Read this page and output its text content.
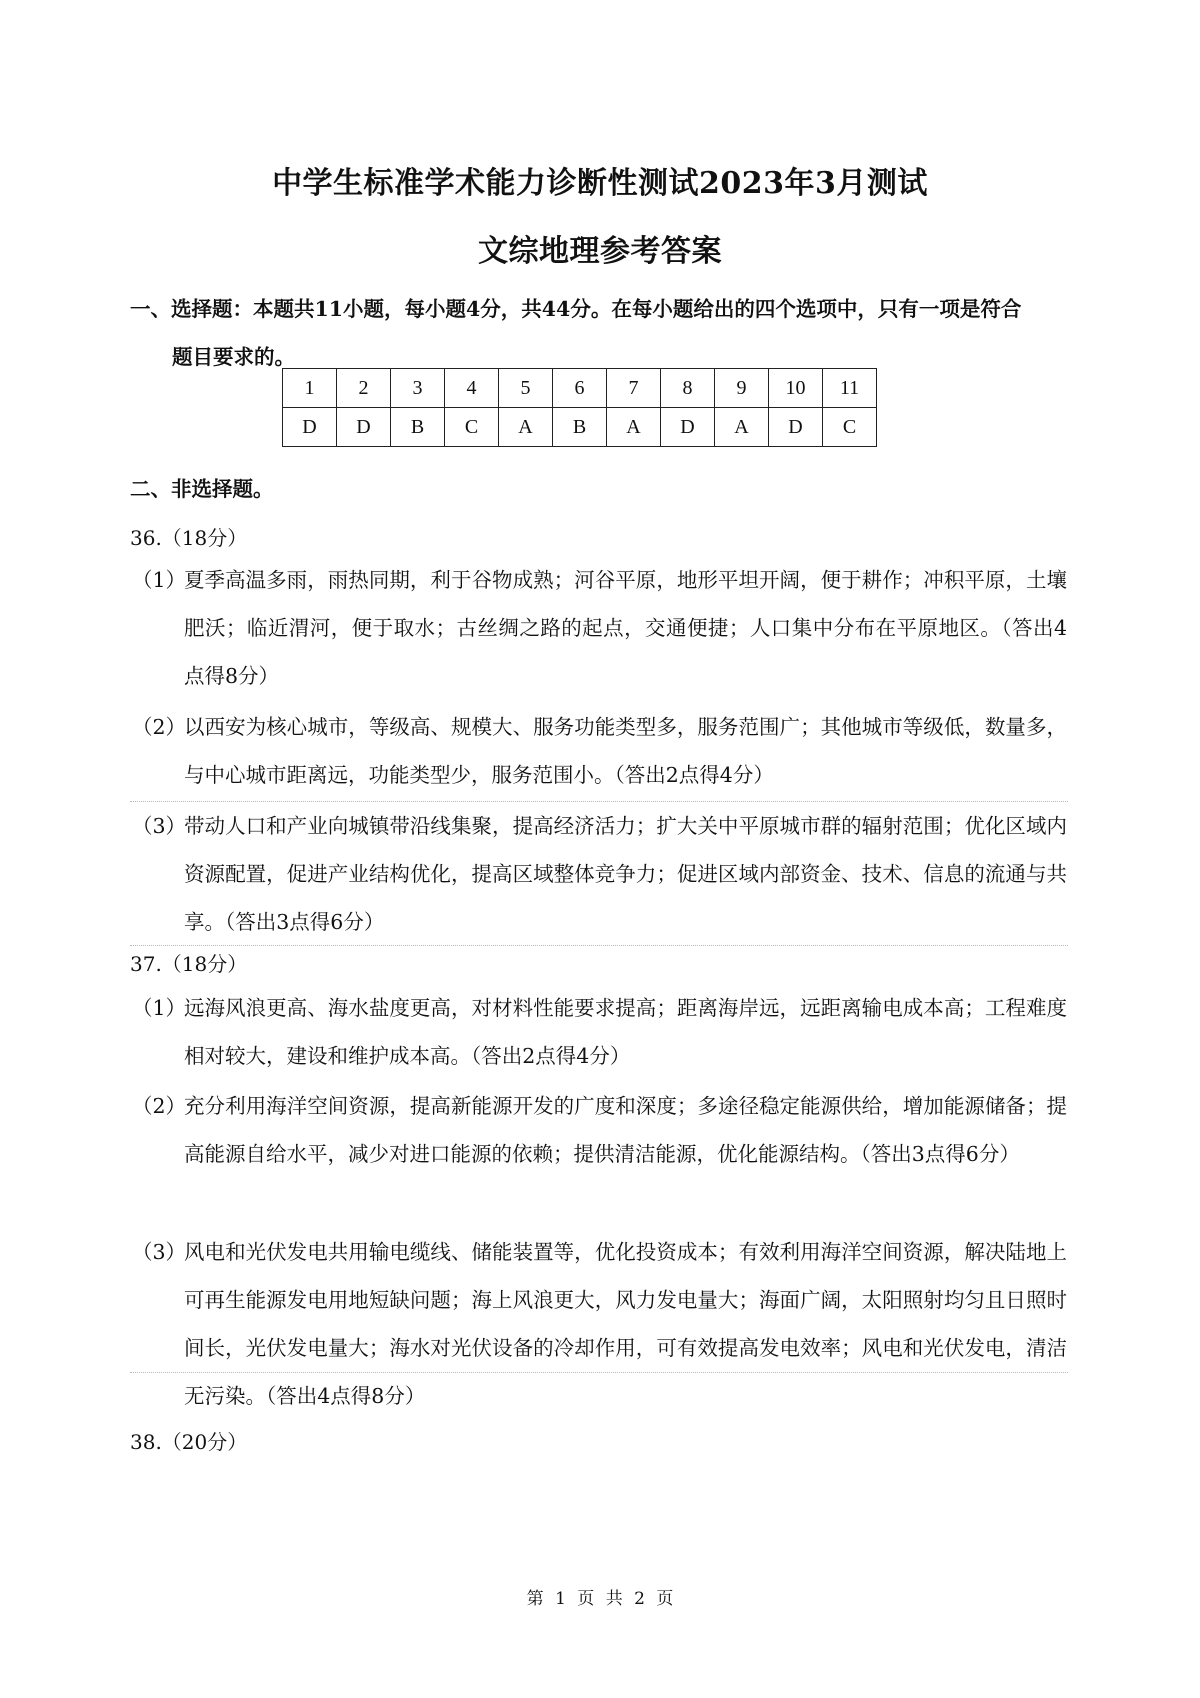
中学生标准学术能力诊断性测试2023年3月测试
文综地理参考答案
一、选择题：本题共11小题，每小题4分，共44分。在每小题给出的四个选项中，只有一项是符合
题目要求的。
1	2	3	4	5	6	7	8	9	10	11
D	D	B	C	A	B	A	D	A	D	C
二、非选择题。
36.（18分）
（1）
夏季高温多雨，雨热同期，利于谷物成熟；河谷平原，地形平坦开阔，便于耕作；冲积平原，土壤肥沃；临近渭河，便于取水；古丝绸之路的起点，交通便捷；人口集中分布在平原地区。（答出4点得8分）
（2）
以西安为核心城市，等级高、规模大、服务功能类型多，服务范围广；其他城市等级低，数量多，与中心城市距离远，功能类型少，服务范围小。（答出2点得4分）
（3）
带动人口和产业向城镇带沿线集聚，提高经济活力；扩大关中平原城市群的辐射范围；优化区域内资源配置，促进产业结构优化，提高区域整体竞争力；促进区域内部资金、技术、信息的流通与共享。（答出3点得6分）
37.（18分）
（1）
远海风浪更高、海水盐度更高，对材料性能要求提高；距离海岸远，远距离输电成本高；工程难度相对较大，建设和维护成本高。（答出2点得4分）
（2）
充分利用海洋空间资源，提高新能源开发的广度和深度；多途径稳定能源供给，增加能源储备；提高能源自给水平，减少对进口能源的依赖；提供清洁能源，优化能源结构。（答出3点得6分）
（3）
风电和光伏发电共用输电缆线、储能装置等，优化投资成本；有效利用海洋空间资源，解决陆地上可再生能源发电用地短缺问题；海上风浪更大，风力发电量大；海面广阔，太阳照射均匀且日照时间长，光伏发电量大；海水对光伏设备的冷却作用，可有效提高发电效率；风电和光伏发电，清洁无污染。（答出4点得8分）
38.（20分）
第 1 页 共 2 页
